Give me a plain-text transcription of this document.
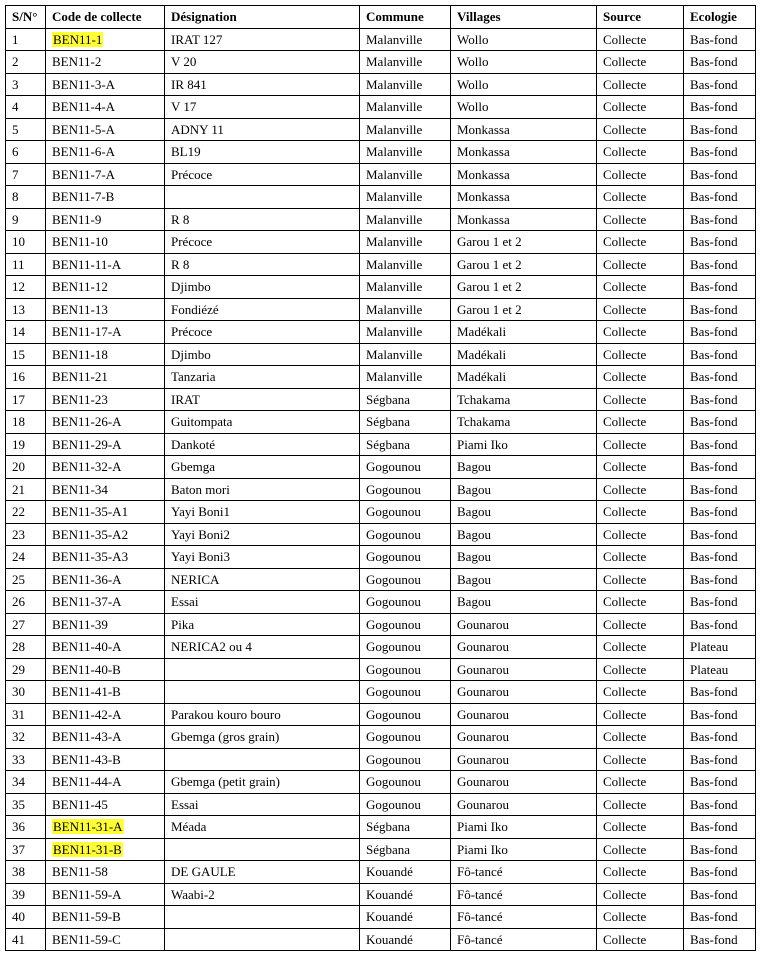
S/N°	Code de collecte	Désignation	Commune	Villages	Source	Ecologie
1	BEN11-1	IRAT 127	Malanville	Wollo	Collecte	Bas-fond
2	BEN11-2	V 20	Malanville	Wollo	Collecte	Bas-fond
3	BEN11-3-A	IR 841	Malanville	Wollo	Collecte	Bas-fond
4	BEN11-4-A	V 17	Malanville	Wollo	Collecte	Bas-fond
5	BEN11-5-A	ADNY 11	Malanville	Monkassa	Collecte	Bas-fond
6	BEN11-6-A	BL19	Malanville	Monkassa	Collecte	Bas-fond
7	BEN11-7-A	Précoce	Malanville	Monkassa	Collecte	Bas-fond
8	BEN11-7-B		Malanville	Monkassa	Collecte	Bas-fond
9	BEN11-9	R 8	Malanville	Monkassa	Collecte	Bas-fond
10	BEN11-10	Précoce	Malanville	Garou 1 et 2	Collecte	Bas-fond
11	BEN11-11-A	R 8	Malanville	Garou 1 et 2	Collecte	Bas-fond
12	BEN11-12	Djimbo	Malanville	Garou 1 et 2	Collecte	Bas-fond
13	BEN11-13	Fondiézé	Malanville	Garou 1 et 2	Collecte	Bas-fond
14	BEN11-17-A	Précoce	Malanville	Madékali	Collecte	Bas-fond
15	BEN11-18	Djimbo	Malanville	Madékali	Collecte	Bas-fond
16	BEN11-21	Tanzaria	Malanville	Madékali	Collecte	Bas-fond
17	BEN11-23	IRAT	Ségbana	Tchakama	Collecte	Bas-fond
18	BEN11-26-A	Guitompata	Ségbana	Tchakama	Collecte	Bas-fond
19	BEN11-29-A	Dankoté	Ségbana	Piami Iko	Collecte	Bas-fond
20	BEN11-32-A	Gbemga	Gogounou	Bagou	Collecte	Bas-fond
21	BEN11-34	Baton mori	Gogounou	Bagou	Collecte	Bas-fond
22	BEN11-35-A1	Yayi Boni1	Gogounou	Bagou	Collecte	Bas-fond
23	BEN11-35-A2	Yayi Boni2	Gogounou	Bagou	Collecte	Bas-fond
24	BEN11-35-A3	Yayi Boni3	Gogounou	Bagou	Collecte	Bas-fond
25	BEN11-36-A	NERICA	Gogounou	Bagou	Collecte	Bas-fond
26	BEN11-37-A	Essai	Gogounou	Bagou	Collecte	Bas-fond
27	BEN11-39	Pika	Gogounou	Gounarou	Collecte	Bas-fond
28	BEN11-40-A	NERICA2 ou 4	Gogounou	Gounarou	Collecte	Plateau
29	BEN11-40-B		Gogounou	Gounarou	Collecte	Plateau
30	BEN11-41-B		Gogounou	Gounarou	Collecte	Bas-fond
31	BEN11-42-A	Parakou kouro bouro	Gogounou	Gounarou	Collecte	Bas-fond
32	BEN11-43-A	Gbemga (gros grain)	Gogounou	Gounarou	Collecte	Bas-fond
33	BEN11-43-B		Gogounou	Gounarou	Collecte	Bas-fond
34	BEN11-44-A	Gbemga (petit grain)	Gogounou	Gounarou	Collecte	Bas-fond
35	BEN11-45	Essai	Gogounou	Gounarou	Collecte	Bas-fond
36	BEN11-31-A	Méada	Ségbana	Piami Iko	Collecte	Bas-fond
37	BEN11-31-B		Ségbana	Piami Iko	Collecte	Bas-fond
38	BEN11-58	DE GAULE	Kouandé	Fô-tancé	Collecte	Bas-fond
39	BEN11-59-A	Waabi-2	Kouandé	Fô-tancé	Collecte	Bas-fond
40	BEN11-59-B		Kouandé	Fô-tancé	Collecte	Bas-fond
41	BEN11-59-C		Kouandé	Fô-tancé	Collecte	Bas-fond
